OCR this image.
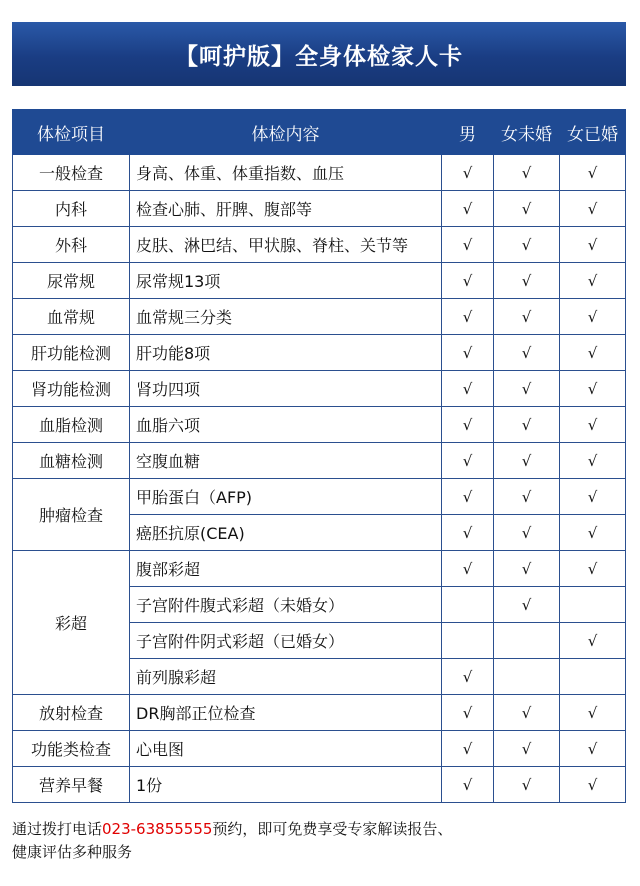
【呵护版】全身体检家人卡
体检项目	体检内容	男	女未婚	女已婚
一般检查	身高、体重、体重指数、血压	√	√	√
内科	检查心肺、肝脾、腹部等	√	√	√
外科	皮肤、淋巴结、甲状腺、脊柱、关节等	√	√	√
尿常规	尿常规13项	√	√	√
血常规	血常规三分类	√	√	√
肝功能检测	肝功能8项	√	√	√
肾功能检测	肾功四项	√	√	√
血脂检测	血脂六项	√	√	√
血糖检测	空腹血糖	√	√	√
肿瘤检查	甲胎蛋白（AFP)	√	√	√
	癌胚抗原(CEA)	√	√	√
彩超	腹部彩超	√	√	√
	子宫附件腹式彩超（未婚女）		√	
	子宫附件阴式彩超（已婚女）			√
	前列腺彩超	√		
放射检查	DR胸部正位检查	√	√	√
功能类检查	心电图	√	√	√
营养早餐	1份	√	√	√
通过拨打电话023-63855555预约，即可免费享受专家解读报告、
健康评估多种服务
